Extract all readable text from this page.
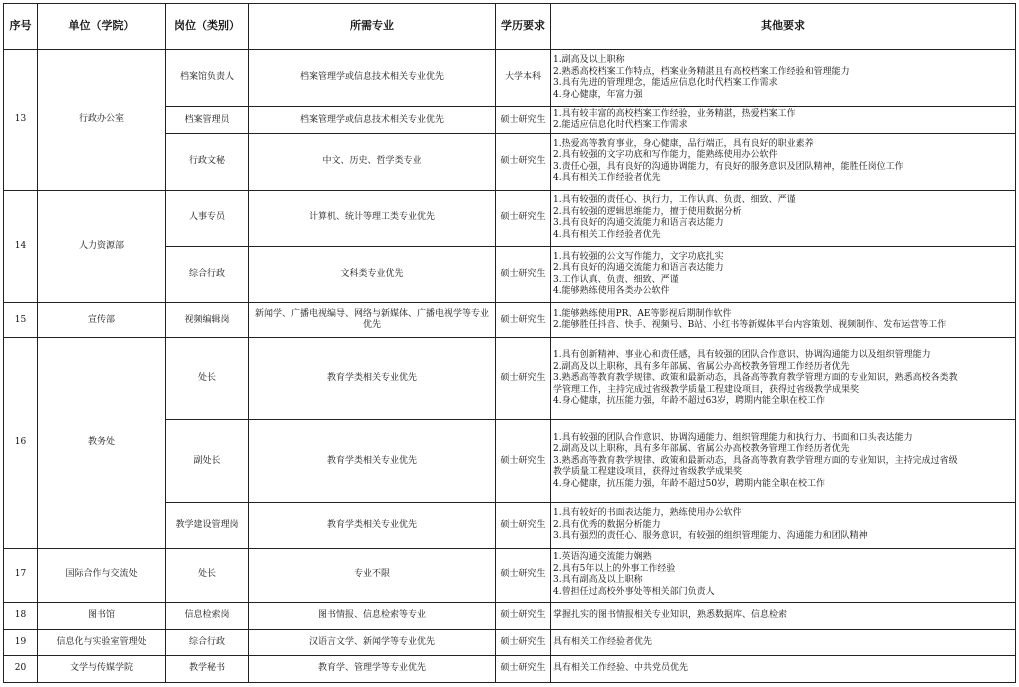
序号	单位（学院）	岗位（类别）	所需专业	学历要求	其他要求
13	行政办公室	档案馆负责人	档案管理学或信息技术相关专业优先	大学本科	1.副高及以上职称
2.熟悉高校档案工作特点，档案业务精湛且有高校档案工作经验和管理能力
3.具有先进的管理理念，能适应信息化时代档案工作需求
4.身心健康，年富力强

		档案管理员	档案管理学或信息技术相关专业优先	硕士研究生	1.具有较丰富的高校档案工作经验，业务精湛，热爱档案工作
2.能适应信息化时代档案工作需求

		行政文秘	中文、历史、哲学类专业	硕士研究生	1.热爱高等教育事业，身心健康，品行端正，具有良好的职业素养
2.具有较强的文字功底和写作能力，能熟练使用办公软件
3.责任心强，具有良好的沟通协调能力，有良好的服务意识及团队精神，能胜任岗位工作
4.具有相关工作经验者优先

14	人力资源部	人事专员	计算机、统计等理工类专业优先	硕士研究生	1.具有较强的责任心、执行力，工作认真、负责、细致、严谨
2.具有较强的逻辑思维能力，擅于使用数据分析
3.具有良好的沟通交流能力和语言表达能力
4.具有相关工作经验者优先

		综合行政	文科类专业优先	硕士研究生	1.具有较强的公文写作能力，文字功底扎实
2.具有良好的沟通交流能力和语言表达能力
3.工作认真、负责、细致、严谨
4.能够熟练使用各类办公软件

15	宣传部	视频编辑岗	新闻学、广播电视编导、网络与新媒体、广播电视学等专业优先	硕士研究生	1.能够熟练使用PR、AE等影视后期制作软件
2.能够胜任抖音、快手、视频号、B站、小红书等新媒体平台内容策划、视频制作、发布运营等工作

16	教务处	处长	教育学类相关专业优先	硕士研究生	1.具有创新精神、事业心和责任感，具有较强的团队合作意识、协调沟通能力以及组织管理能力
2.副高及以上职称，具有多年部属、省属公办高校教务管理工作经历者优先
3.熟悉高等教育教学规律、政策和最新动态，具备高等教育教学管理方面的专业知识，熟悉高校各类教
学管理工作，主持完成过省级教学质量工程建设项目，获得过省级教学成果奖
4.身心健康，抗压能力强，年龄不超过63岁，聘期内能全职在校工作

		副处长	教育学类相关专业优先	硕士研究生	1.具有较强的团队合作意识、协调沟通能力、组织管理能力和执行力、书面和口头表达能力
2.副高及以上职称，具有多年部属、省属公办高校教务管理工作经历者优先
3.熟悉高等教育教学规律、政策和最新动态，具备高等教育教学管理方面的专业知识，主持完成过省级
教学质量工程建设项目，获得过省级教学成果奖
4.身心健康，抗压能力强，年龄不超过50岁，聘期内能全职在校工作

		教学建设管理岗	教育学类相关专业优先	硕士研究生	1.具有较好的书面表达能力，熟练使用办公软件
2.具有优秀的数据分析能力
3.具有强烈的责任心、服务意识，有较强的组织管理能力、沟通能力和团队精神

17	国际合作与交流处	处长	专业不限	硕士研究生	1.英语沟通交流能力娴熟
2.具有5年以上的外事工作经验
3.具有副高及以上职称
4.曾担任过高校外事处等相关部门负责人

18	图书馆	信息检索岗	图书情报、信息检索等专业	硕士研究生	掌握扎实的图书情报相关专业知识，熟悉数据库、信息检索

19	信息化与实验室管理处	综合行政	汉语言文学、新闻学等专业优先	硕士研究生	具有相关工作经验者优先

20	文学与传媒学院	教学秘书	教育学、管理学等专业优先	硕士研究生	具有相关工作经验、中共党员优先
